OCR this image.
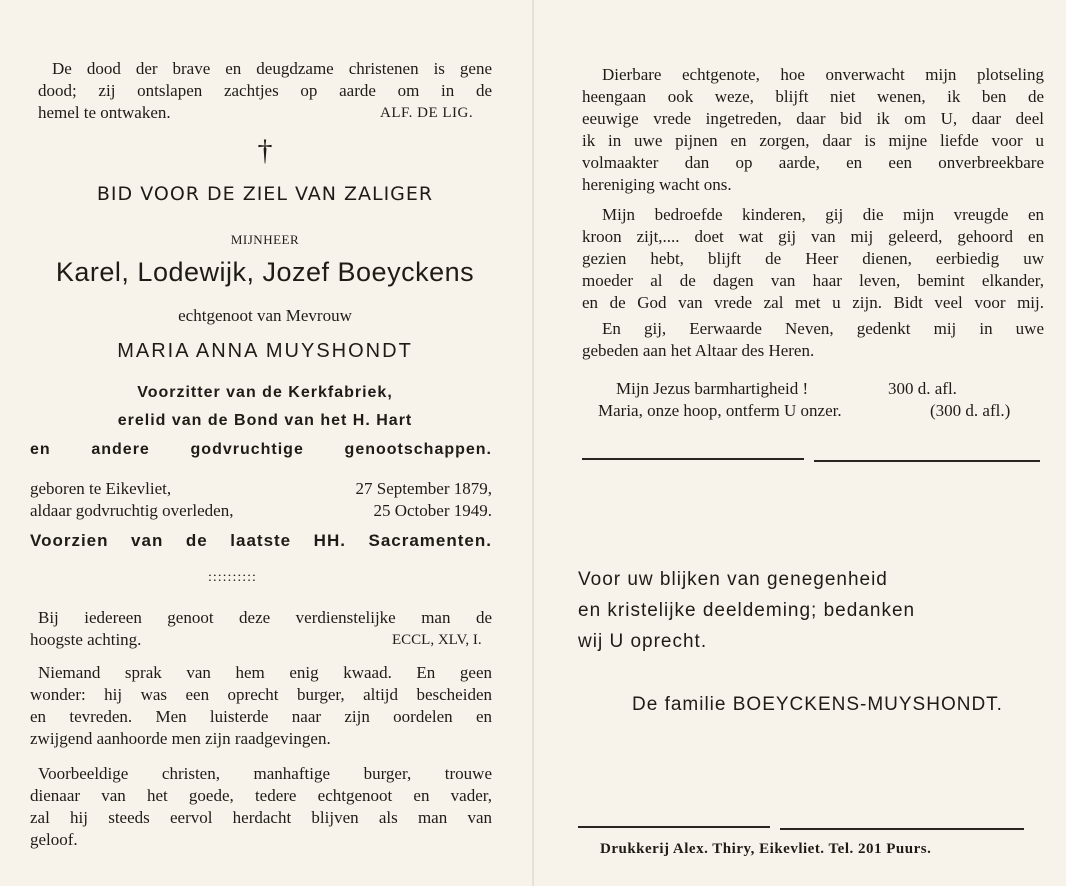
De dood der brave en deugdzame christenen is gene
dood; zij ontslapen zachtjes op aarde om in de
hemel te ontwaken.	ALF. DE LIG.
†
BID VOOR DE ZIEL VAN ZALIGER
MIJNHEER
Karel, Lodewijk, Jozef Boeyckens
echtgenoot van Mevrouw
MARIA ANNA MUYSHONDT
Voorzitter van de Kerkfabriek,
erelid van de Bond van het H. Hart
en andere godvruchtige genootschappen.
geboren te Eikevliet,	27 September 1879,
aldaar godvruchtig overleden,	25 October 1949.
Voorzien van de laatste HH. Sacramenten.
::::::::::
Bij iedereen genoot deze verdienstelijke man de
hoogste achting.	ECCL, XLV, I.
Niemand sprak van hem enig kwaad. En geen
wonder: hij was een oprecht burger, altijd bescheiden
en tevreden. Men luisterde naar zijn oordelen en
zwijgend aanhoorde men zijn raadgevingen.
Voorbeeldige christen, manhaftige burger, trouwe
dienaar van het goede, tedere echtgenoot en vader,
zal hij steeds eervol herdacht blijven als man van
geloof.
Dierbare echtgenote, hoe onverwacht mijn plotseling
heengaan ook weze, blijft niet wenen, ik ben de
eeuwige vrede ingetreden, daar bid ik om U, daar deel
ik in uwe pijnen en zorgen, daar is mijne liefde voor u
volmaakter dan op aarde, en een onverbreekbare
hereniging wacht ons.
Mijn bedroefde kinderen, gij die mijn vreugde en
kroon zijt,.... doet wat gij van mij geleerd, gehoord en
gezien hebt, blijft de Heer dienen, eerbiedig uw
moeder al de dagen van haar leven, bemint elkander,
en de God van vrede zal met u zijn. Bidt veel voor mij.
En gij, Eerwaarde Neven, gedenkt mij in uwe
gebeden aan het Altaar des Heren.
Mijn Jezus barmhartigheid !	300 d. afl.
Maria, onze hoop, ontferm U onzer.	(300 d. afl.)
Voor uw blijken van genegenheid
en kristelijke deeldeming; bedanken
wij U oprecht.
De familie BOEYCKENS-MUYSHONDT.
Drukkerij Alex. Thiry, Eikevliet. Tel. 201 Puurs.
